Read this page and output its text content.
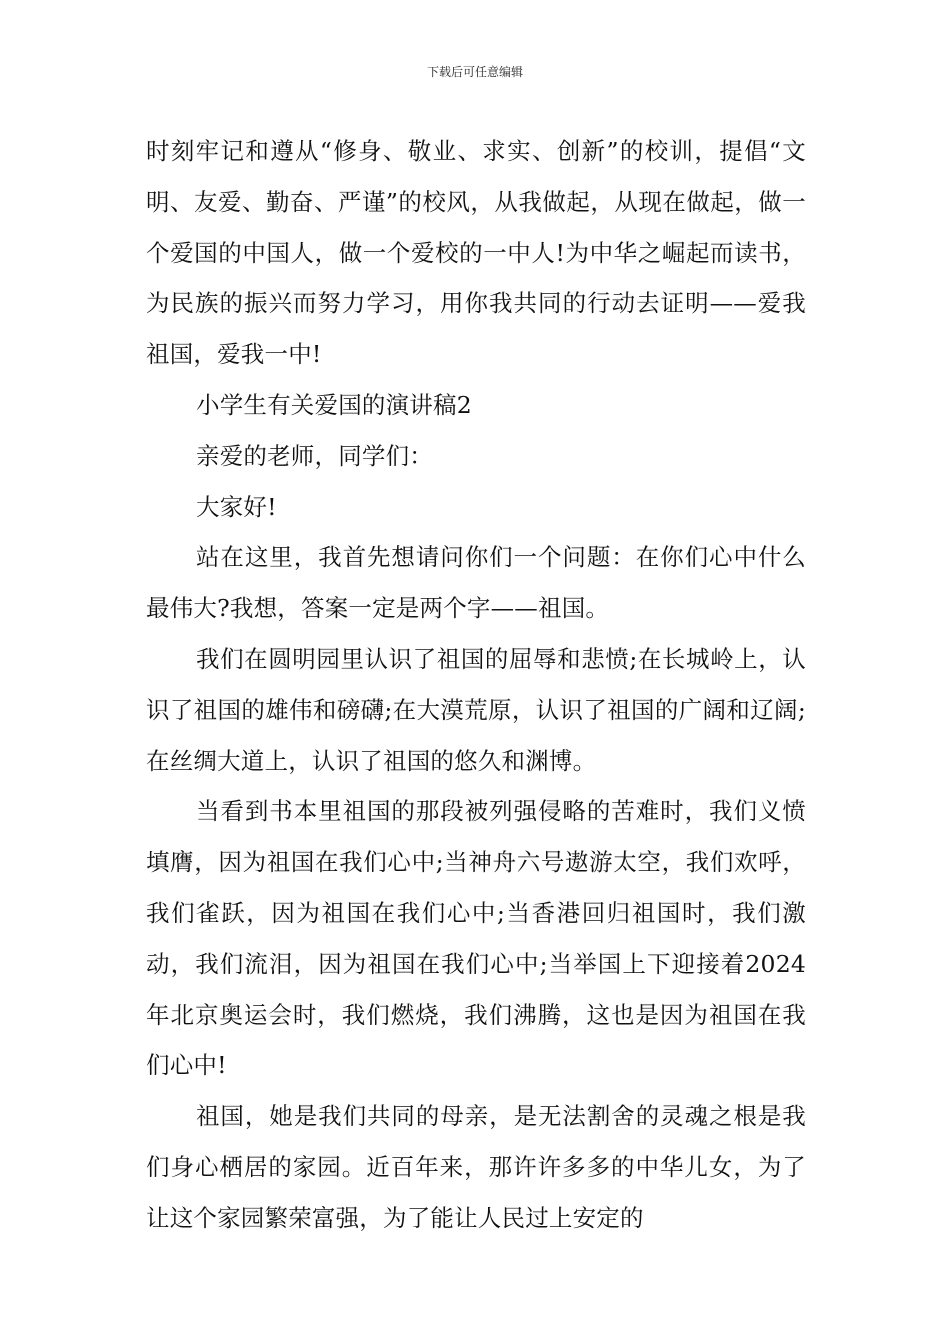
下载后可任意编辑

时刻牢记和遵从“修身、敬业、求实、创新”的校训，提倡“文明、友爱、勤奋、严谨”的校风，从我做起，从现在做起，做一个爱国的中国人，做一个爱校的一中人!为中华之崛起而读书，为民族的振兴而努力学习，用你我共同的行动去证明——爱我祖国，爱我一中!

小学生有关爱国的演讲稿2

亲爱的老师，同学们：

大家好!

站在这里，我首先想请问你们一个问题：在你们心中什么最伟大?我想，答案一定是两个字——祖国。

我们在圆明园里认识了祖国的屈辱和悲愤;在长城岭上，认识了祖国的雄伟和磅礴;在大漠荒原，认识了祖国的广阔和辽阔;在丝绸大道上，认识了祖国的悠久和渊博。

当看到书本里祖国的那段被列强侵略的苦难时，我们义愤填膺，因为祖国在我们心中;当神舟六号遨游太空，我们欢呼，我们雀跃，因为祖国在我们心中;当香港回归祖国时，我们激动，我们流泪，因为祖国在我们心中;当举国上下迎接着2024年北京奥运会时，我们燃烧，我们沸腾，这也是因为祖国在我们心中!

祖国，她是我们共同的母亲，是无法割舍的灵魂之根是我们身心栖居的家园。近百年来，那许许多多的中华儿女，为了让这个家园繁荣富强，为了能让人民过上安定的
